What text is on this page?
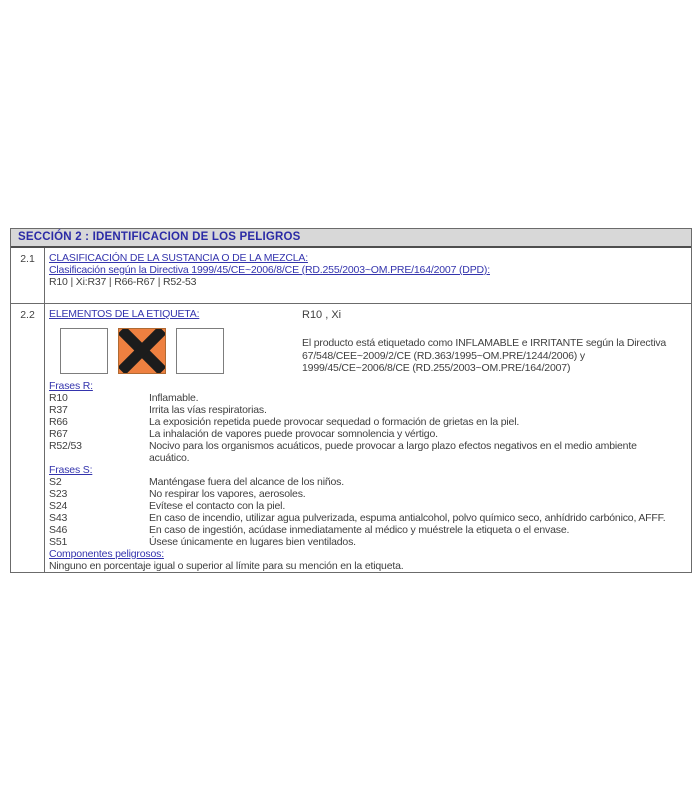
SECCIÓN 2 : IDENTIFICACION DE LOS PELIGROS
2.1	CLASIFICACIÓN DE LA SUSTANCIA O DE LA MEZCLA:
Clasificación según la Directiva 1999/45/CE~2006/8/CE (RD.255/2003~OM.PRE/164/2007 (DPD):
R10 | Xi:R37 | R66-R67 | R52-53
2.2	ELEMENTOS DE LA ETIQUETA:	R10 , Xi
El producto está etiquetado como INFLAMABLE e IRRITANTE según la Directiva
67/548/CEE~2009/2/CE (RD.363/1995~OM.PRE/1244/2006) y
1999/45/CE~2006/8/CE (RD.255/2003~OM.PRE/164/2007)
Frases R:
R10	Inflamable.
R37	Irrita las vías respiratorias.
R66	La exposición repetida puede provocar sequedad o formación de grietas en la piel.
R67	La inhalación de vapores puede provocar somnolencia y vértigo.
R52/53	Nocivo para los organismos acuáticos, puede provocar a largo plazo efectos negativos en el medio ambiente
acuático.
Frases S:
S2	Manténgase fuera del alcance de los niños.
S23	No respirar los vapores, aerosoles.
S24	Evítese el contacto con la piel.
S43	En caso de incendio, utilizar agua pulverizada, espuma antialcohol, polvo químico seco, anhídrido carbónico, AFFF.
S46	En caso de ingestión, acúdase inmediatamente al médico y muéstrele la etiqueta o el envase.
S51	Úsese únicamente en lugares bien ventilados.
Componentes peligrosos:
Ninguno en porcentaje igual o superior al límite para su mención en la etiqueta.
